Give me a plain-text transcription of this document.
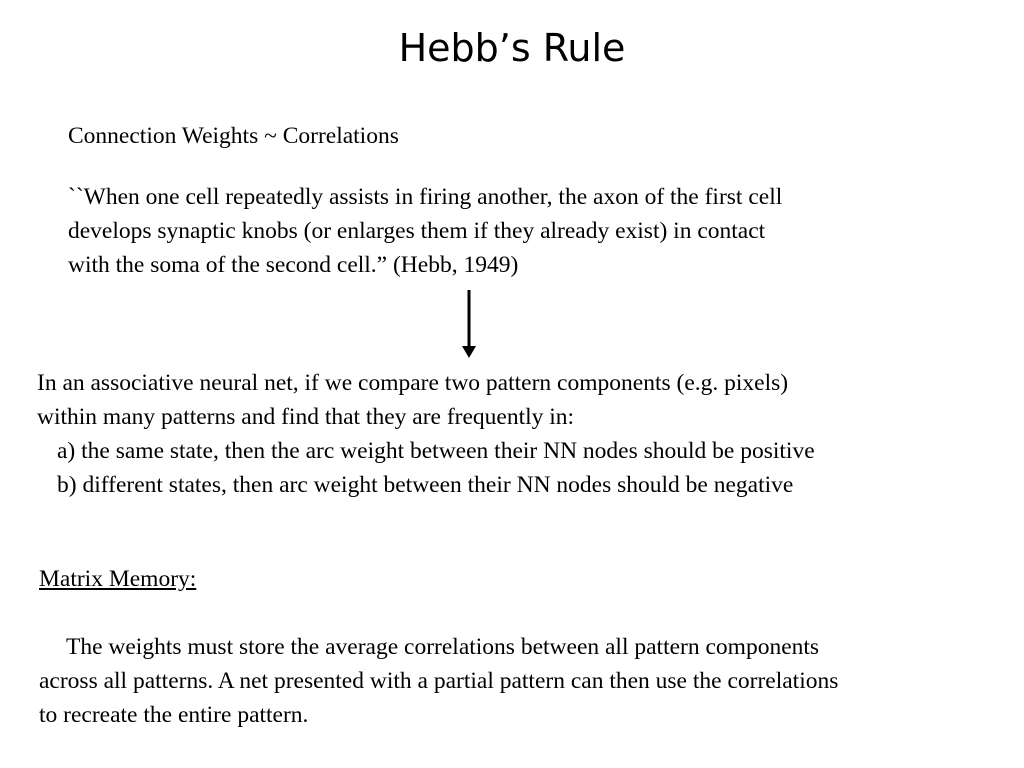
Hebb’s Rule
Connection Weights ~ Correlations
``When one cell repeatedly assists in firing another, the axon of the first cell
develops synaptic knobs (or enlarges them if they already exist) in contact
with the soma of the second cell.” (Hebb, 1949)
In an associative neural net, if we compare two pattern components (e.g. pixels)
within many patterns and find that they are frequently in:
a) the same state, then the arc weight between their NN nodes should be positive
b) different states, then arc weight between their NN nodes should be negative
Matrix Memory:
The weights must store the average correlations between all pattern components
across all patterns. A net presented with a partial pattern can then use the correlations
to recreate the entire pattern.
